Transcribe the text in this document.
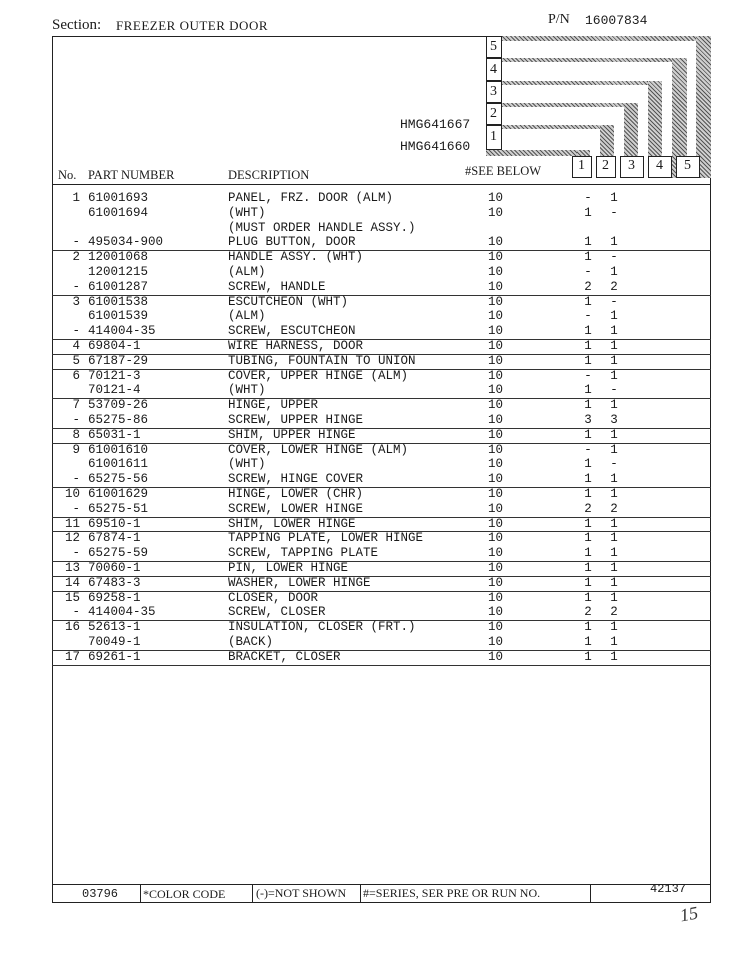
Section: FREEZER OUTER DOOR	P/N 16007834
5
4
3
2
1
HMG641667
HMG641660
1 2 3 4 5
No. PART NUMBER	DESCRIPTION	#SEE BELOW
1 61001693	PANEL, FRZ. DOOR (ALM)	10	-	1
61001694	(WHT)	10	1	-
(MUST ORDER HANDLE ASSY.)
- 495034-900	PLUG BUTTON, DOOR	10	1	1
2 12001068	HANDLE ASSY. (WHT)	10	1	-
12001215	(ALM)	10	-	1
- 61001287	SCREW, HANDLE	10	2	2
3 61001538	ESCUTCHEON (WHT)	10	1	-
61001539	(ALM)	10	-	1
- 414004-35	SCREW, ESCUTCHEON	10	1	1
4 69804-1	WIRE HARNESS, DOOR	10	1	1
5 67187-29	TUBING, FOUNTAIN TO UNION	10	1	1
6 70121-3	COVER, UPPER HINGE (ALM)	10	-	1
70121-4	(WHT)	10	1	-
7 53709-26	HINGE, UPPER	10	1	1
- 65275-86	SCREW, UPPER HINGE	10	3	3
8 65031-1	SHIM, UPPER HINGE	10	1	1
9 61001610	COVER, LOWER HINGE (ALM)	10	-	1
61001611	(WHT)	10	1	-
- 65275-56	SCREW, HINGE COVER	10	1	1
10 61001629	HINGE, LOWER (CHR)	10	1	1
- 65275-51	SCREW, LOWER HINGE	10	2	2
11 69510-1	SHIM, LOWER HINGE	10	1	1
12 67874-1	TAPPING PLATE, LOWER HINGE	10	1	1
- 65275-59	SCREW, TAPPING PLATE	10	1	1
13 70060-1	PIN, LOWER HINGE	10	1	1
14 67483-3	WASHER, LOWER HINGE	10	1	1
15 69258-1	CLOSER, DOOR	10	1	1
- 414004-35	SCREW, CLOSER	10	2	2
16 52613-1	INSULATION, CLOSER (FRT.)	10	1	1
70049-1	(BACK)	10	1	1
17 69261-1	BRACKET, CLOSER	10	1	1
03796 *COLOR CODE	(-)=NOT SHOWN #=SERIES, SER PRE OR RUN NO.	42137
15
